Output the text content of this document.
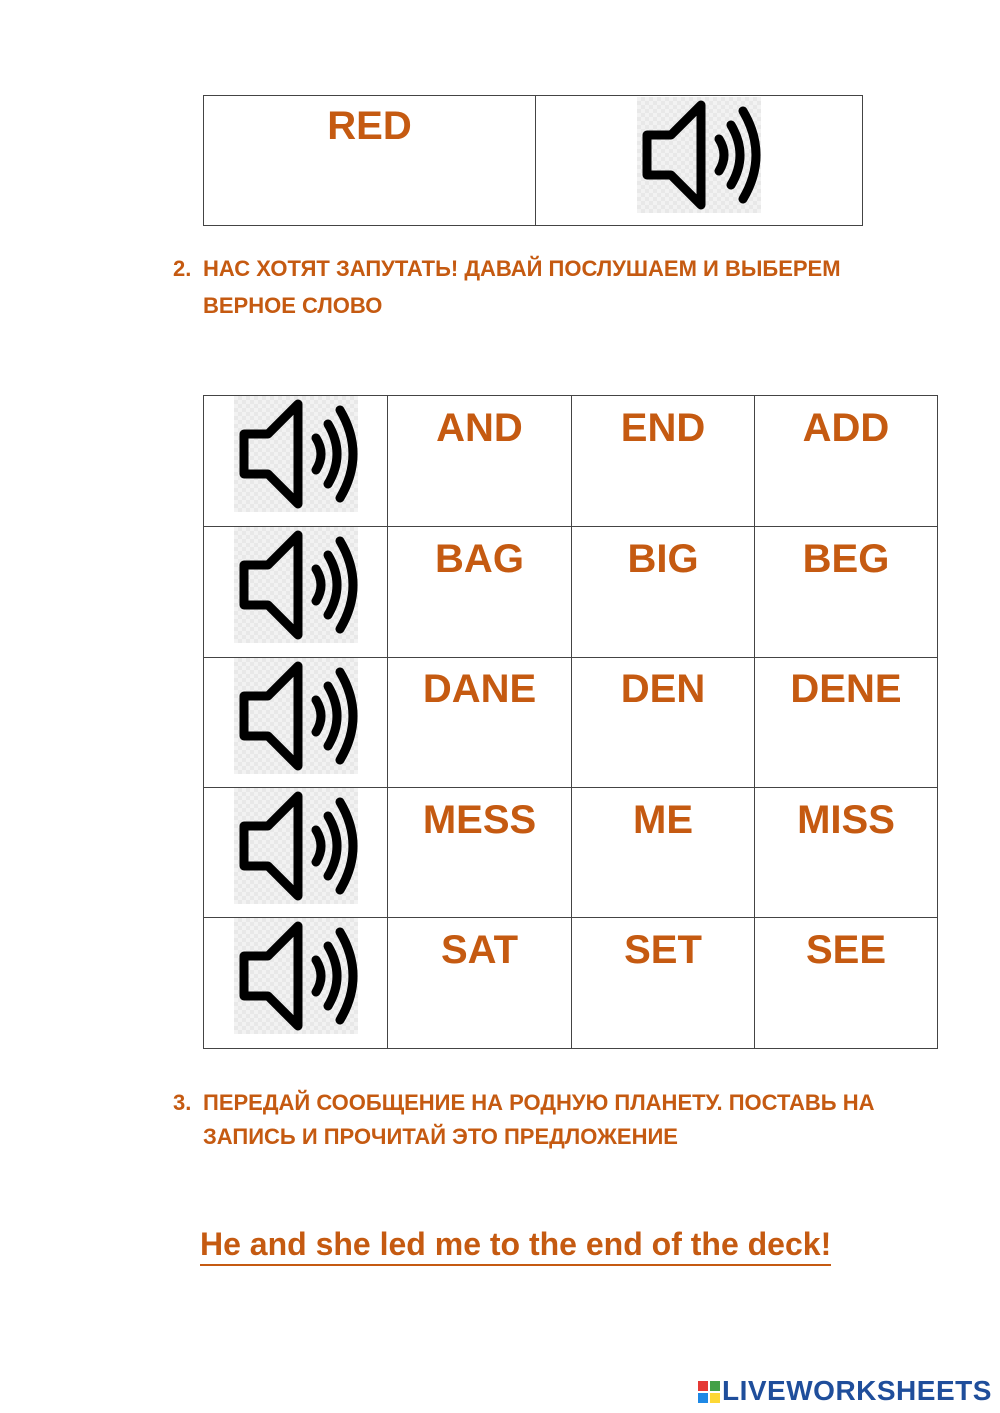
RED
2. НАС ХОТЯТ ЗАПУТАТЬ! ДАВАЙ ПОСЛУШАЕМ И ВЫБЕРЕМ
ВЕРНОЕ СЛОВО
AND	END	ADD
BAG	BIG	BEG
DANE	DEN	DENE
MESS	ME	MISS
SAT	SET	SEE
3. ПЕРЕДАЙ СООБЩЕНИЕ НА РОДНУЮ ПЛАНЕТУ. ПОСТАВЬ НА
ЗАПИСЬ И ПРОЧИТАЙ ЭТО ПРЕДЛОЖЕНИЕ
He and she led me to the end of the deck!
LIVEWORKSHEETS
